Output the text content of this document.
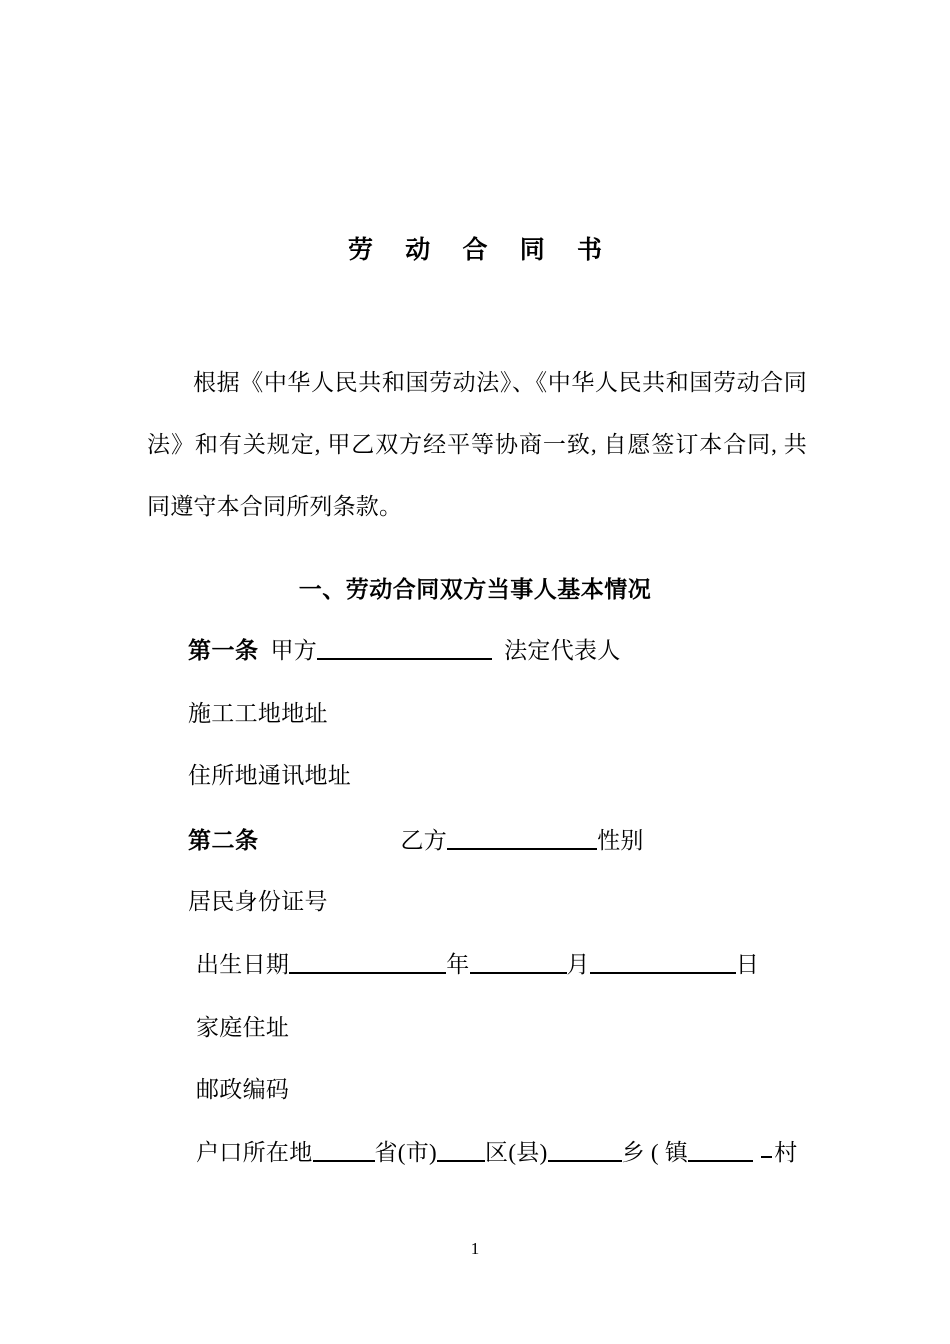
劳 动 合 同 书
根据《中华人民共和国劳动法》、《中华人民共和国劳动合同法》和有关规定, 甲乙双方经平等协商一致, 自愿签订本合同, 共同遵守本合同所列条款。
一、劳动合同双方当事人基本情况
第一条 甲方	法定代表人
施工工地地址
住所地通讯地址
第二条	乙方	性别
居民身份证号
出生日期	年	月	日
家庭住址
邮政编码
户口所在地	省(市) 区(县)	乡 ( 镇	村
1
